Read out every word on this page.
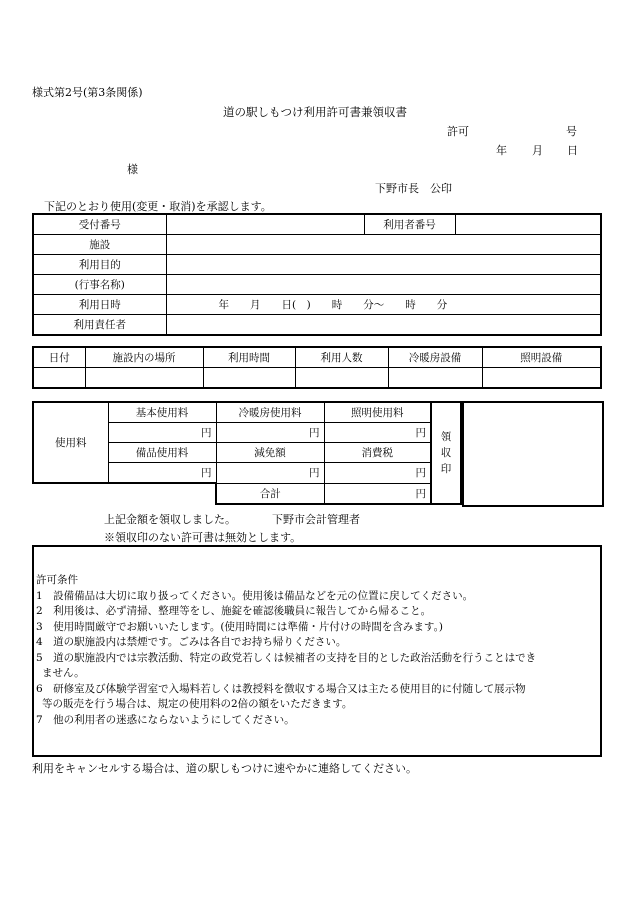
様式第2号(第3条関係)
道の駅しもつけ利用許可書兼領収書
許可	号
年 月 日
様
下野市長　公印
下記のとおり使用(変更・取消)を承認します。
受付番号		利用者番号	
施設			
利用目的			
(行事名称)			
利用日時	年　　月　　日(　)　　時　　分～　　時　　分		
利用責任者			
日付	施設内の場所	利用時間	利用人数	冷暖房設備	照明設備

使用料	基本使用料	冷暖房使用料	照明使用料	領収印
	円	円	円	
	備品使用料	減免額	消費税	
	円	円	円	
		合計	円	
上記金額を領収しました。	下野市会計管理者
※領収印のない許可書は無効とします。
許可条件
1　設備備品は大切に取り扱ってください。使用後は備品などを元の位置に戻してください。
2　利用後は、必ず清掃、整理等をし、施錠を確認後職員に報告してから帰ること。
3　使用時間厳守でお願いいたします。(使用時間には準備・片付けの時間を含みます。)
4　道の駅施設内は禁煙です。ごみは各自でお持ち帰りください。
5　道の駅施設内では宗教活動、特定の政党若しくは候補者の支持を目的とした政治活動を行うことはでき
ません。
6　研修室及び体験学習室で入場料若しくは教授料を徴収する場合又は主たる使用目的に付随して展示物
等の販売を行う場合は、規定の使用料の2倍の額をいただきます。
7　他の利用者の迷惑にならないようにしてください。
利用をキャンセルする場合は、道の駅しもつけに速やかに連絡してください。
